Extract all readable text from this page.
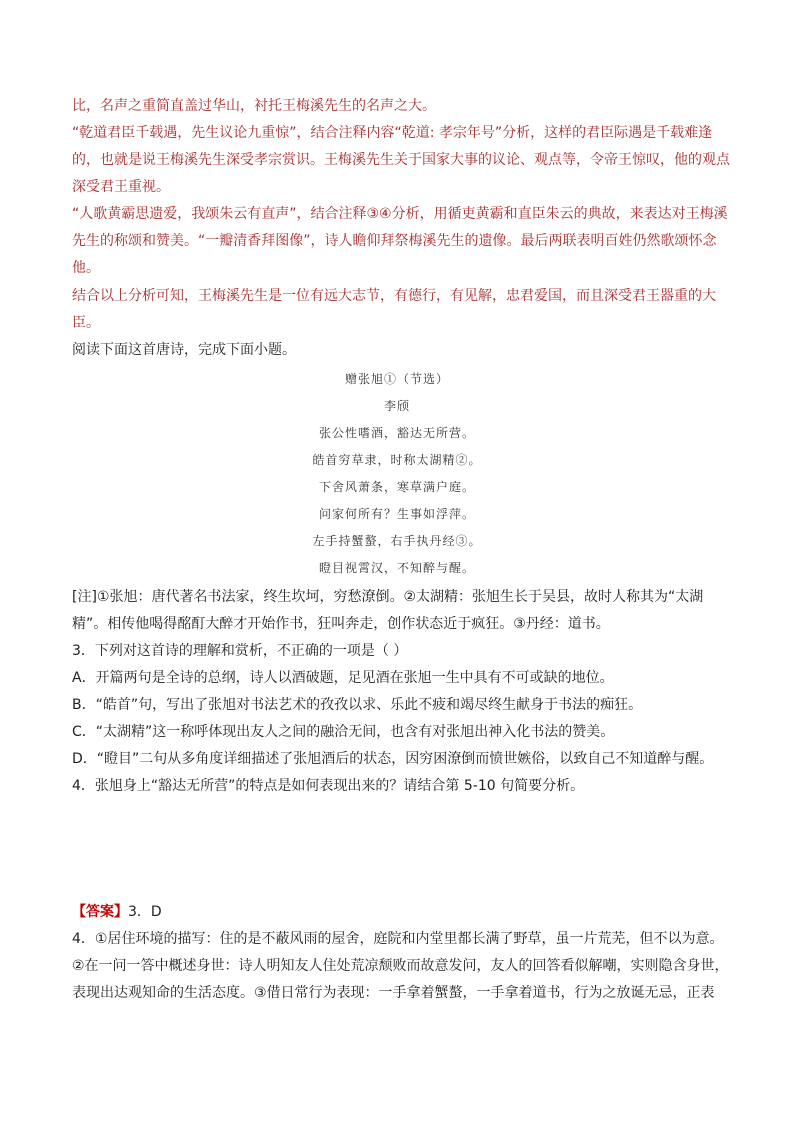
比，名声之重简直盖过华山，衬托王梅溪先生的名声之大。

“乾道君臣千载遇，先生议论九重惊”，结合注释内容“乾道: 孝宗年号”分析，这样的君臣际遇是千载难逢的，也就是说王梅溪先生深受孝宗赏识。王梅溪先生关于国家大事的议论、观点等，令帝王惊叹，他的观点深受君王重视。

“人歌黄霸思遗爱，我颂朱云有直声”，结合注释③④分析，用循吏黄霸和直臣朱云的典故，来表达对王梅溪先生的称颂和赞美。“一瓣清香拜图像”，诗人瞻仰拜祭梅溪先生的遗像。最后两联表明百姓仍然歌颂怀念他。

结合以上分析可知，王梅溪先生是一位有远大志节，有德行，有见解，忠君爱国，而且深受君王器重的大臣。

阅读下面这首唐诗，完成下面小题。

赠张旭①（节选）
李颀
张公性嗜酒，豁达无所营。
皓首穷草隶，时称太湖精②。
下舍风萧条，寒草满户庭。
问家何所有？生事如浮萍。
左手持蟹螯，右手执丹经③。
瞪目视霄汉，不知醉与醒。

[注]①张旭：唐代著名书法家，终生坎坷，穷愁潦倒。②太湖精：张旭生长于吴县，故时人称其为“太湖精”。相传他喝得酩酊大醉才开始作书，狂叫奔走，创作状态近于疯狂。③丹经：道书。

3．下列对这首诗的理解和赏析，不正确的一项是（ ）

A．开篇两句是全诗的总纲，诗人以酒破题，足见酒在张旭一生中具有不可或缺的地位。

B．“皓首”句，写出了张旭对书法艺术的孜孜以求、乐此不疲和竭尽终生献身于书法的痴狂。

C．“太湖精”这一称呼体现出友人之间的融洽无间，也含有对张旭出神入化书法的赞美。

D．“瞪目”二句从多角度详细描述了张旭酒后的状态，因穷困潦倒而愤世嫉俗，以致自己不知道醉与醒。

4．张旭身上“豁达无所营”的特点是如何表现出来的？请结合第 5-10 句简要分析。

【答案】3．D

4．①居住环境的描写：住的是不蔽风雨的屋舍，庭院和内堂里都长满了野草，虽一片荒芜，但不以为意。②在一问一答中概述身世：诗人明知友人住处荒凉颓败而故意发问，友人的回答看似解嘲，实则隐含身世，表现出达观知命的生活态度。③借日常行为表现：一手拿着蟹螯，一手拿着道书，行为之放诞无忌，正表
